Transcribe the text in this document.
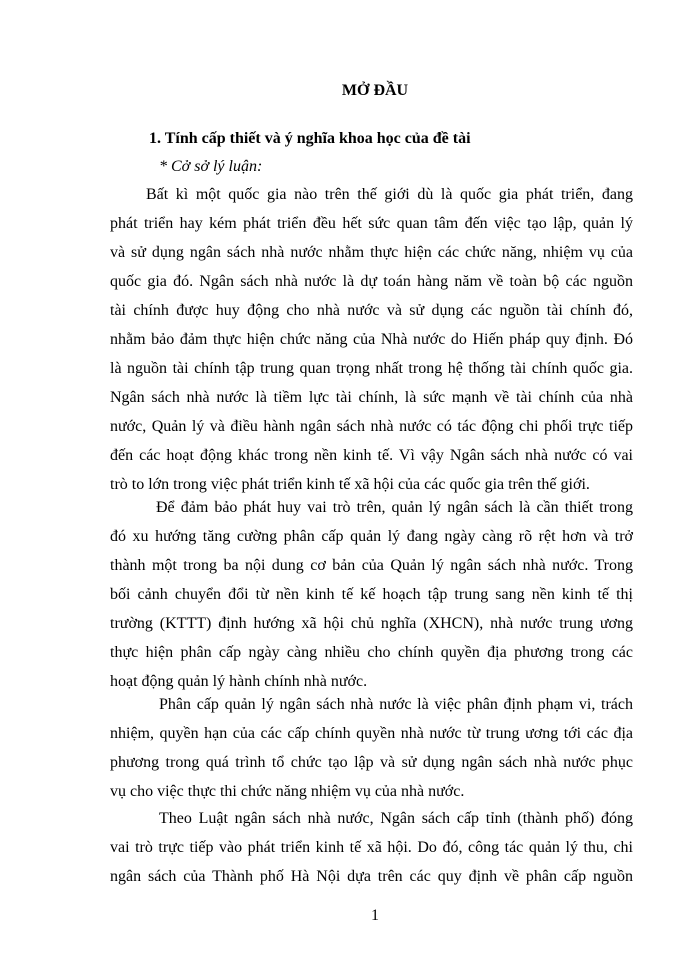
MỞ ĐẦU
1. Tính cấp thiết và ý nghĩa khoa học của đề tài
* Cở sở lý luận:
Bất kì một quốc gia nào trên thế giới dù là quốc gia phát triển, đang
phát triển hay kém phát triển đều hết sức quan tâm đến việc tạo lập, quản lý
và sử dụng ngân sách nhà nước nhằm thực hiện các chức năng, nhiệm vụ của
quốc gia đó. Ngân sách nhà nước là dự toán hàng năm về toàn bộ các nguồn
tài chính được huy động cho nhà nước và sử dụng các nguồn tài chính đó,
nhằm bảo đảm thực hiện chức năng của Nhà nước do Hiến pháp quy định. Đó
là nguồn tài chính tập trung quan trọng nhất trong hệ thống tài chính quốc gia.
Ngân sách nhà nước là tiềm lực tài chính, là sức mạnh về tài chính của nhà
nước, Quản lý và điều hành ngân sách nhà nước có tác động chi phối trực tiếp
đến các hoạt động khác trong nền kinh tế. Vì vậy Ngân sách nhà nước có vai
trò to lớn trong việc phát triển kinh tế xã hội của các quốc gia trên thế giới.
Để đảm bảo phát huy vai trò trên, quản lý ngân sách là cần thiết trong
đó xu hướng tăng cường phân cấp quản lý đang ngày càng rõ rệt hơn và trở
thành một trong ba nội dung cơ bản của Quản lý ngân sách nhà nước. Trong
bối cảnh chuyển đổi từ nền kinh tế kế hoạch tập trung sang nền kinh tế thị
trường (KTTT) định hướng xã hội chủ nghĩa (XHCN), nhà nước trung ương
thực hiện phân cấp ngày càng nhiều cho chính quyền địa phương trong các
hoạt động quản lý hành chính nhà nước.
Phân cấp quản lý ngân sách nhà nước là việc phân định phạm vi, trách
nhiệm, quyền hạn của các cấp chính quyền nhà nước từ trung ương tới các địa
phương trong quá trình tổ chức tạo lập và sử dụng ngân sách nhà nước phục
vụ cho việc thực thi chức năng nhiệm vụ của nhà nước.
Theo Luật ngân sách nhà nước, Ngân sách cấp tỉnh (thành phố) đóng
vai trò trực tiếp vào phát triển kinh tế xã hội. Do đó, công tác quản lý thu, chi
ngân sách của Thành phố Hà Nội dựa trên các quy định về phân cấp nguồn
1
